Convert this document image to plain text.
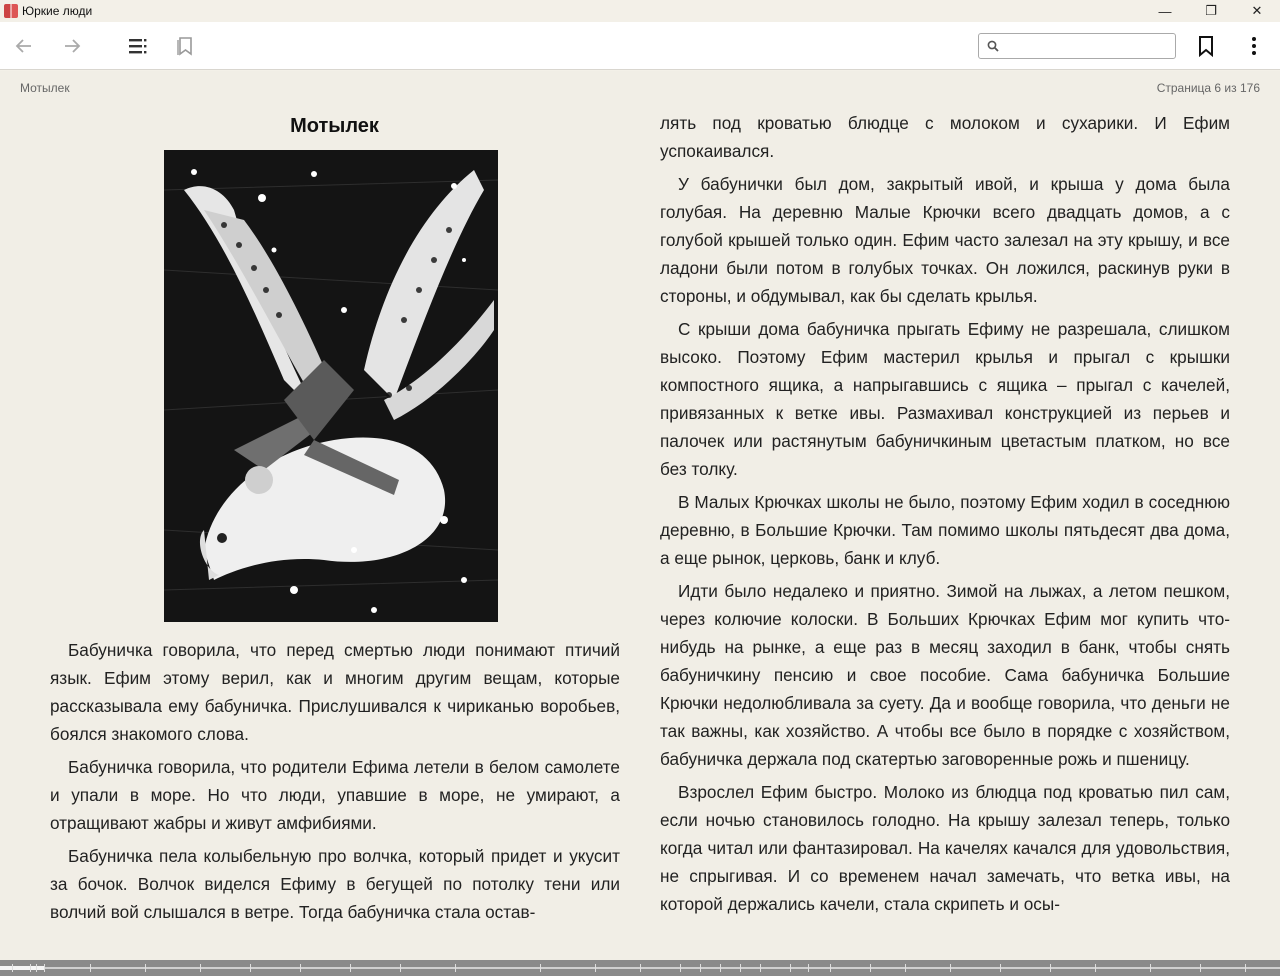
Юркие люди	—	❐	✕
Мотылек	Страница 6 из 176
Мотылек

Бабуничка говорила, что перед смертью люди понимают птичий язык. Ефим этому верил, как и многим другим вещам, которые рассказывала ему бабуничка. Прислушивался к чириканью воробьев, боялся знакомого слова.

Бабуничка говорила, что родители Ефима летели в белом самолете и упали в море. Но что люди, упавшие в море, не умирают, а отращивают жабры и живут амфибиями.

Бабуничка пела колыбельную про волчка, который придет и укусит за бочок. Волчок виделся Ефиму в бегущей по потолку тени или волчий вой слышался в ветре. Тогда бабуничка стала остав-

лять под кроватью блюдце с молоком и сухарики. И Ефим успокаивался.

У бабунички был дом, закрытый ивой, и крыша у дома была голубая. На деревню Малые Крючки всего двадцать домов, а с голубой крышей только один. Ефим часто залезал на эту крышу, и все ладони были потом в голубых точках. Он ложился, раскинув руки в стороны, и обдумывал, как бы сделать крылья.

С крыши дома бабуничка прыгать Ефиму не разрешала, слишком высоко. Поэтому Ефим мастерил крылья и прыгал с крышки компостного ящика, а напрыгавшись с ящика – прыгал с качелей, привязанных к ветке ивы. Размахивал конструкцией из перьев и палочек или растянутым бабуничкиным цветастым платком, но все без толку.

В Малых Крючках школы не было, поэтому Ефим ходил в соседнюю деревню, в Большие Крючки. Там помимо школы пятьдесят два дома, а еще рынок, церковь, банк и клуб.

Идти было недалеко и приятно. Зимой на лыжах, а летом пешком, через колючие колоски. В Больших Крючках Ефим мог купить что-нибудь на рынке, а еще раз в месяц заходил в банк, чтобы снять бабуничкину пенсию и свое пособие. Сама бабуничка Большие Крючки недолюбливала за суету. Да и вообще говорила, что деньги не так важны, как хозяйство. А чтобы все было в порядке с хозяйством, бабуничка держала под скатертью заговоренные рожь и пшеницу.

Взрослел Ефим быстро. Молоко из блюдца под кроватью пил сам, если ночью становилось голодно. На крышу залезал теперь, только когда читал или фантазировал. На качелях качался для удовольствия, не спрыгивая. И со временем начал замечать, что ветка ивы, на которой держались качели, стала скрипеть и осы-
